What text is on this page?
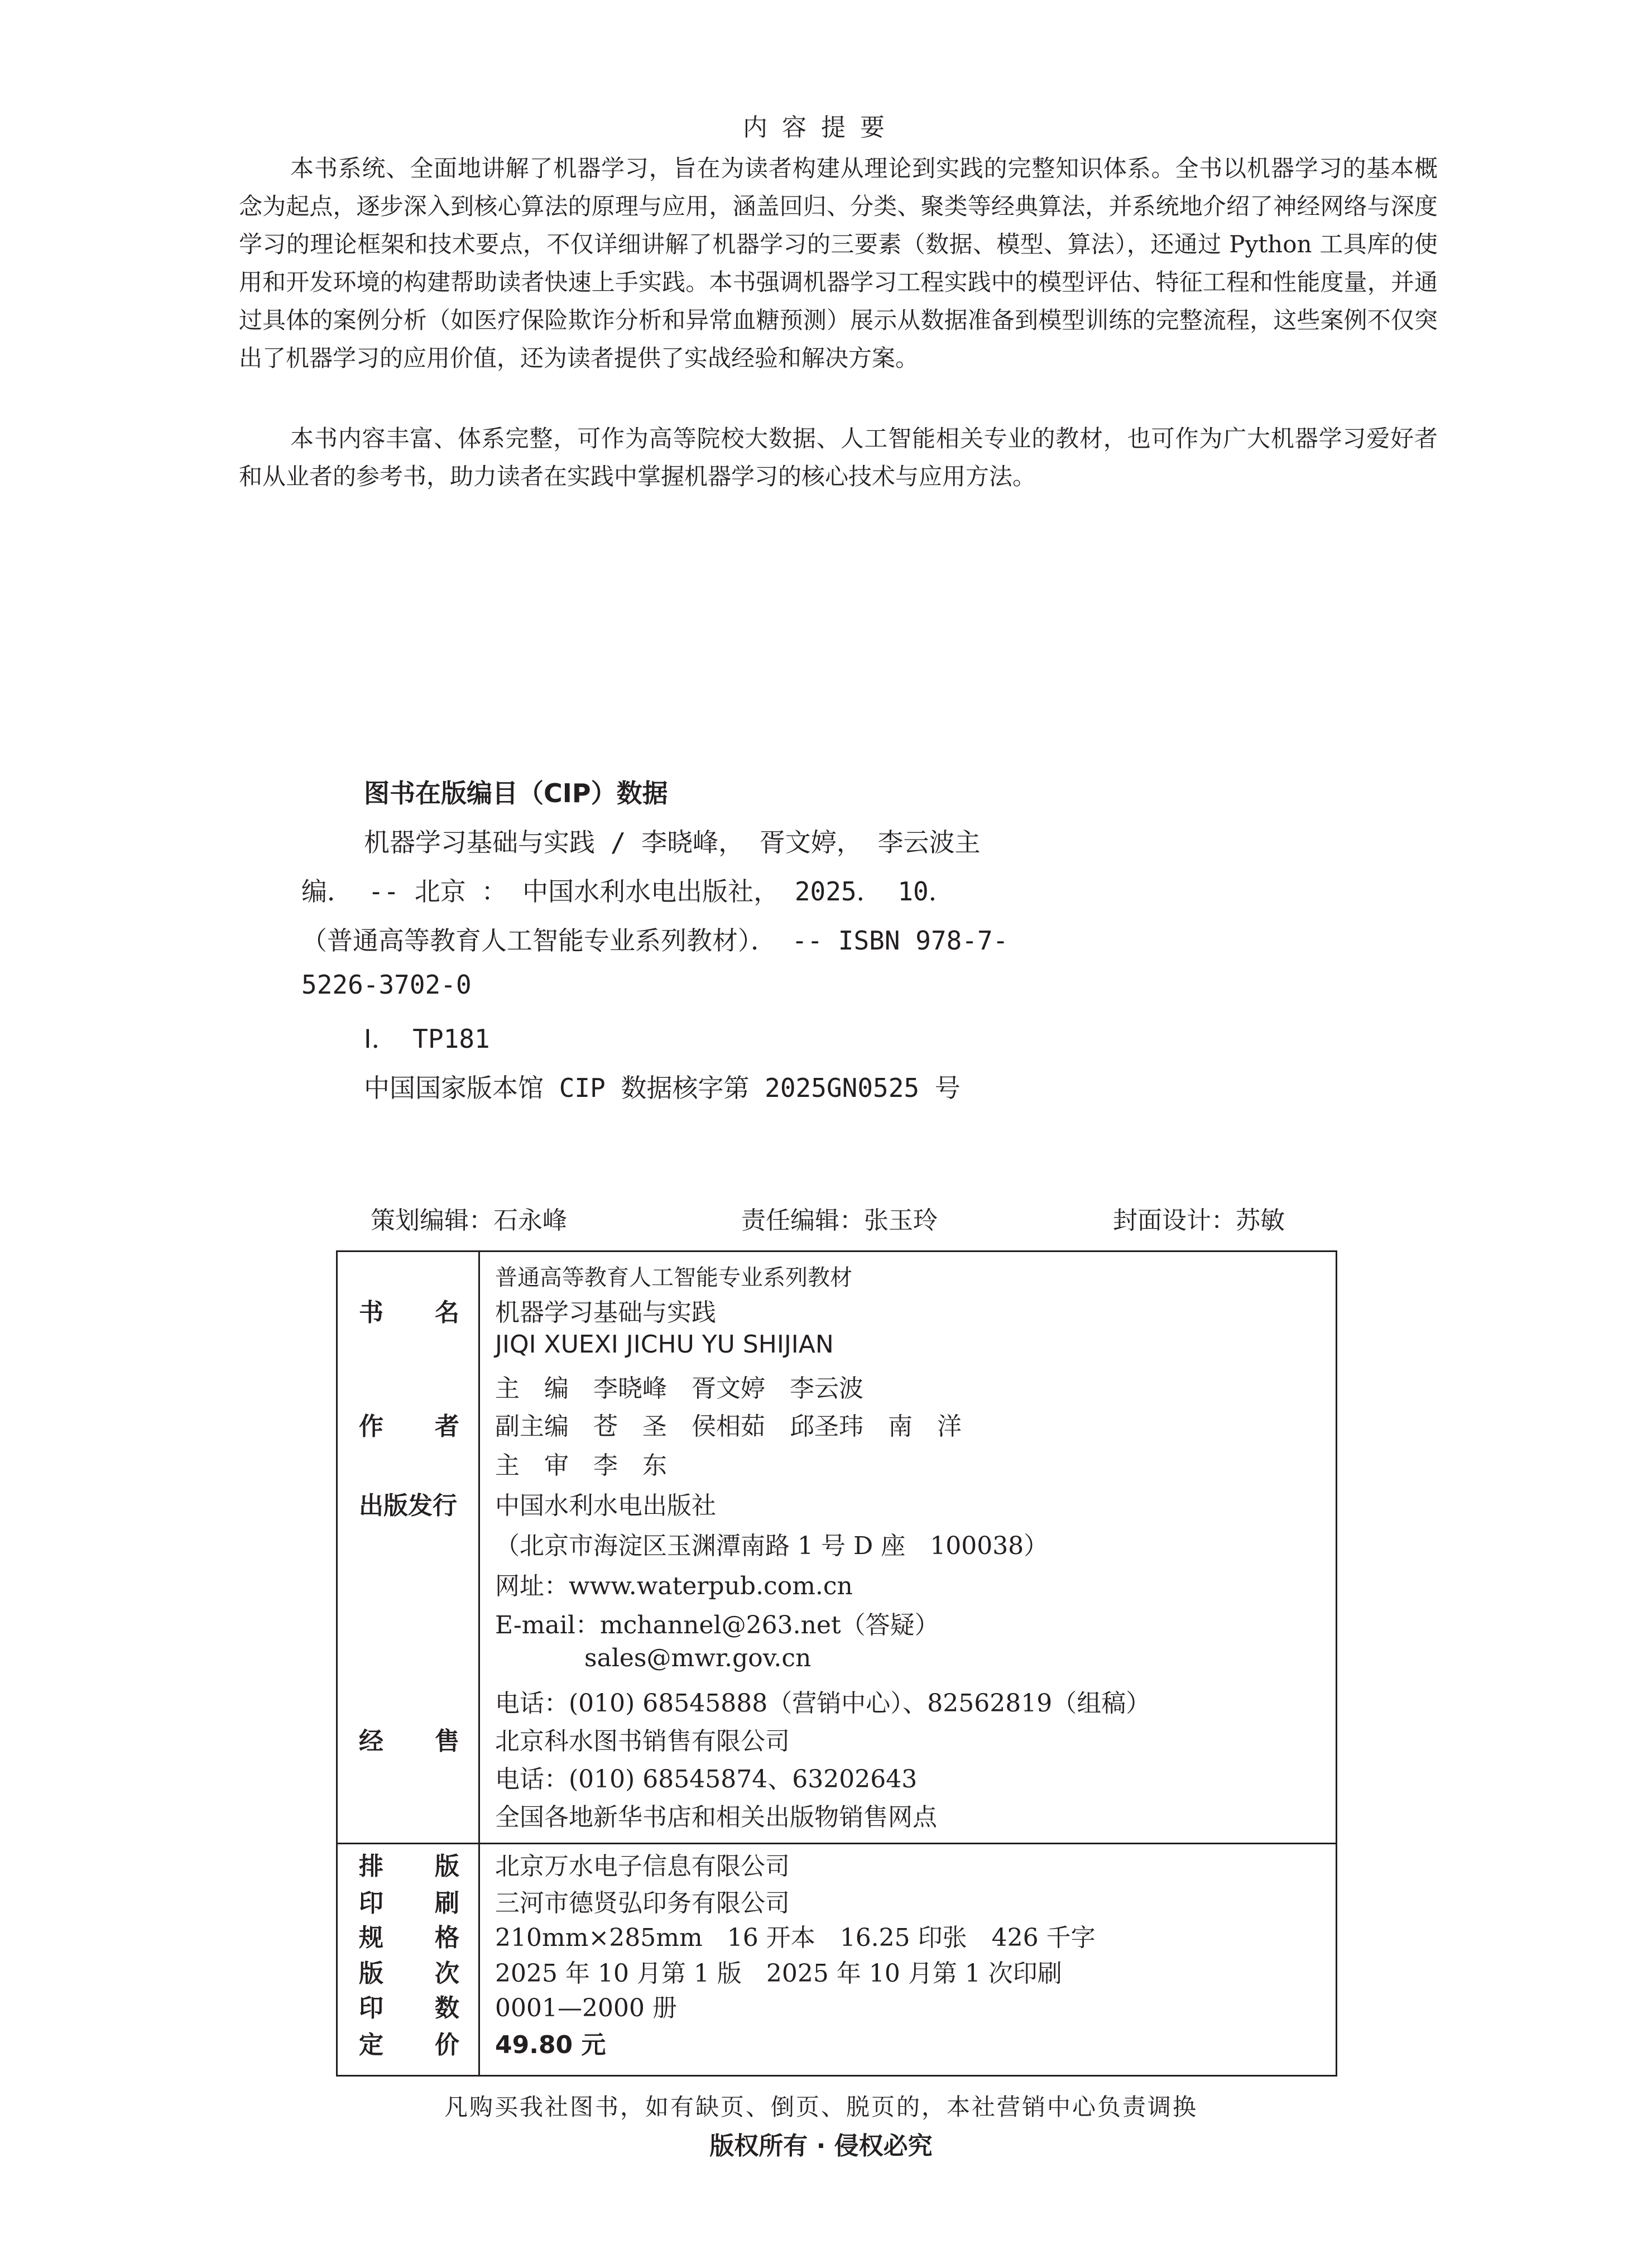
内容提要

本书系统、全面地讲解了机器学习，旨在为读者构建从理论到实践的完整知识体系。全书以机器学习的基本概念为起点，逐步深入到核心算法的原理与应用，涵盖回归、分类、聚类等经典算法，并系统地介绍了神经网络与深度学习的理论框架和技术要点，不仅详细讲解了机器学习的三要素（数据、模型、算法），还通过 Python 工具库的使用和开发环境的构建帮助读者快速上手实践。本书强调机器学习工程实践中的模型评估、特征工程和性能度量，并通过具体的案例分析（如医疗保险欺诈分析和异常血糖预测）展示从数据准备到模型训练的完整流程，这些案例不仅突出了机器学习的应用价值，还为读者提供了实战经验和解决方案。

本书内容丰富、体系完整，可作为高等院校大数据、人工智能相关专业的教材，也可作为广大机器学习爱好者和从业者的参考书，助力读者在实践中掌握机器学习的核心技术与应用方法。

图书在版编目（CIP）数据
机器学习基础与实践 / 李晓峰， 胥文婷， 李云波主
编． -- 北京 ： 中国水利水电出版社， 2025． 10．
（普通高等教育人工智能专业系列教材）． -- ISBN 978-7-
5226-3702-0
Ⅰ． TP181
中国国家版本馆 CIP 数据核字第 2025GN0525 号
策划编辑：石永峰	责任编辑：张玉玲	封面设计：苏敏
书 名
作 者
出版发行
经 售
排 版
印 刷
规 格
版 次
印 数
定 价
普通高等教育人工智能专业系列教材
机器学习基础与实践
JIQI XUEXI JICHU YU SHIJIAN
主　编　李晓峰　胥文婷　李云波
副主编　苍　圣　侯相茹　邱圣玮　南　洋
主　审　李　东
中国水利水电出版社
（北京市海淀区玉渊潭南路 1 号 D 座　100038）
网址：www.waterpub.com.cn
E-mail：mchannel@263.net（答疑）
sales@mwr.gov.cn
电话：(010) 68545888（营销中心）、82562819（组稿）
北京科水图书销售有限公司
电话：(010) 68545874、63202643
全国各地新华书店和相关出版物销售网点
北京万水电子信息有限公司
三河市德贤弘印务有限公司
210mm×285mm　16 开本　16.25 印张　426 千字
2025 年 10 月第 1 版　2025 年 10 月第 1 次印刷
0001—2000 册
49.80 元
凡购买我社图书，如有缺页、倒页、脱页的，本社营销中心负责调换
版权所有 · 侵权必究
